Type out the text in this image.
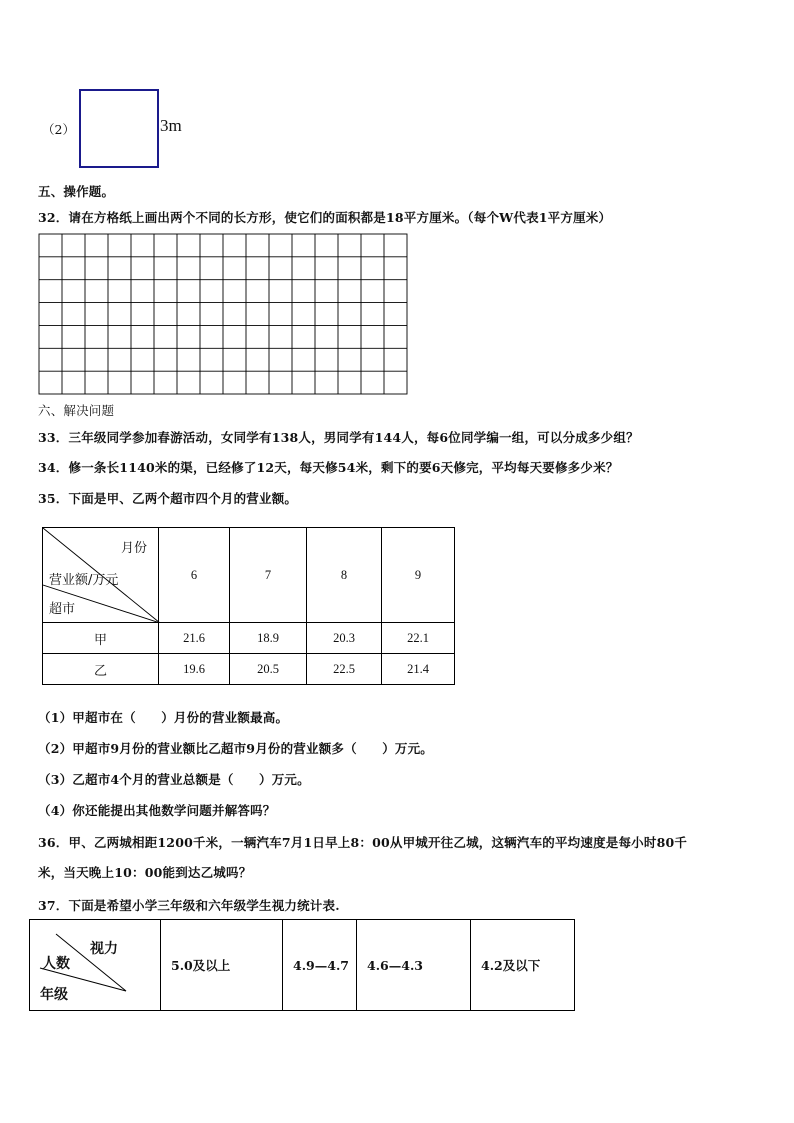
（2）	3m
五、操作题。
32．请在方格纸上画出两个不同的长方形，使它们的面积都是18平方厘米。（每个W代表1平方厘米）
六、解决问题
33．三年级同学参加春游活动，女同学有138人，男同学有144人，每6位同学编一组，可以分成多少组？
34．修一条长1140米的渠，已经修了12天，每天修54米，剩下的要6天修完，平均每天要修多少米？
35．下面是甲、乙两个超市四个月的营业额。
月份
营业额/万元
超市	6	7	8	9
甲	21.6	18.9	20.3	22.1
乙	19.6	20.5	22.5	21.4
（1）甲超市在（　　）月份的营业额最高。
（2）甲超市9月份的营业额比乙超市9月份的营业额多（　　）万元。
（3）乙超市4个月的营业总额是（　　）万元。
（4）你还能提出其他数学问题并解答吗？
36．甲、乙两城相距1200千米，一辆汽车7月1日早上8：00从甲城开往乙城，这辆汽车的平均速度是每小时80千
米，当天晚上10：00能到达乙城吗？
37．下面是希望小学三年级和六年级学生视力统计表.
视力
人数
年级
	5.0及以上	4.9—4.7	4.6—4.3	4.2及以下
